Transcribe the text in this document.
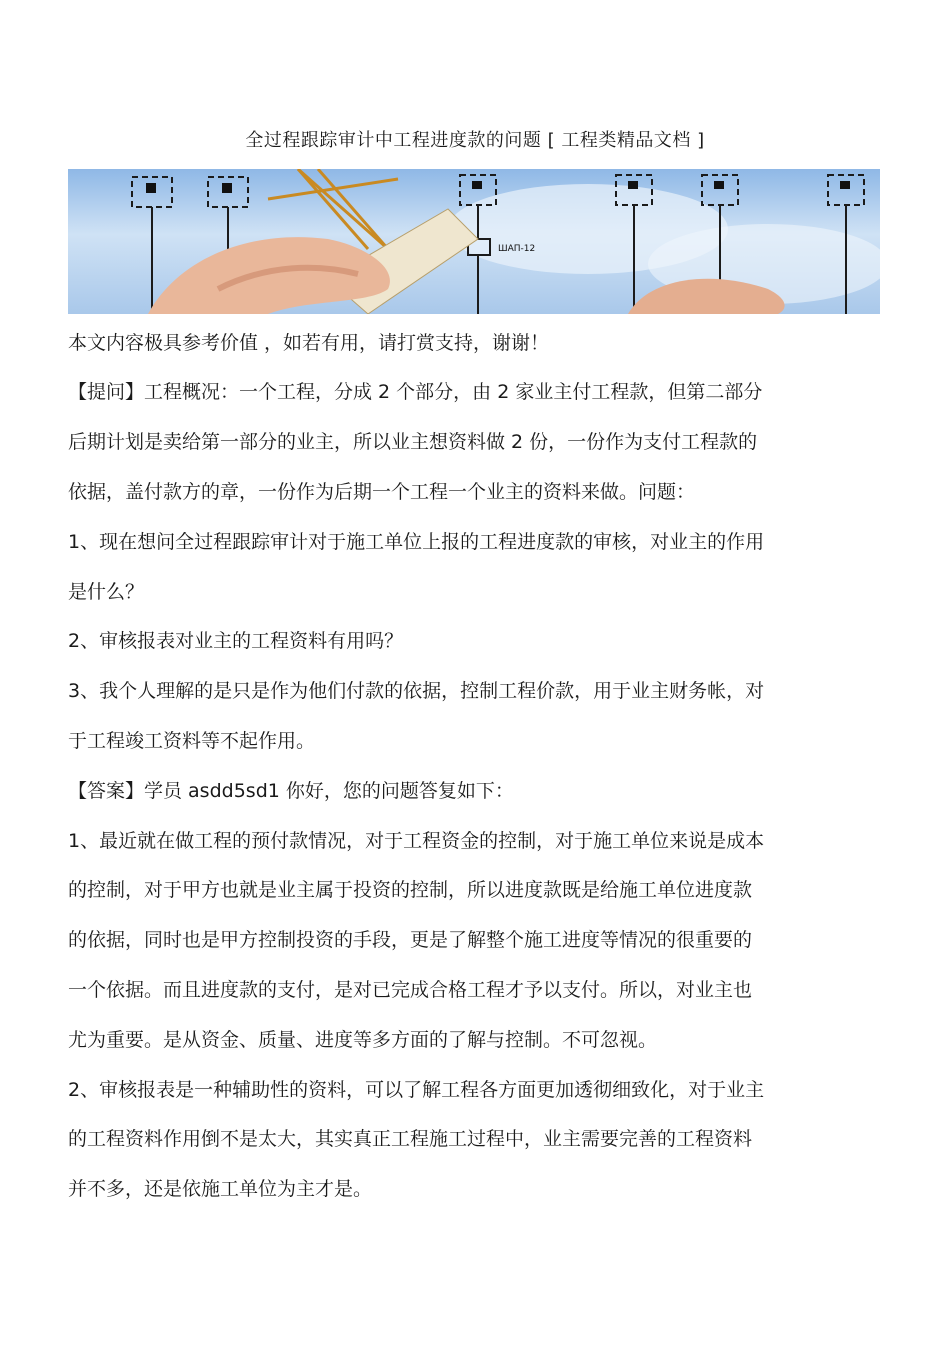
全过程跟踪审计中工程进度款的问题 [ 工程类精品文档 ]
ШАП-12
本文内容极具参考价值 ，如若有用，请打赏支持，谢谢！
【提问】工程概况：一个工程，分成 2 个部分，由 2 家业主付工程款，但第二部分
后期计划是卖给第一部分的业主，所以业主想资料做 2 份，一份作为支付工程款的
依据，盖付款方的章，一份作为后期一个工程一个业主的资料来做。问题：
1、现在想问全过程跟踪审计对于施工单位上报的工程进度款的审核，对业主的作用
是什么？
2、审核报表对业主的工程资料有用吗？
3、我个人理解的是只是作为他们付款的依据，控制工程价款，用于业主财务帐，对
于工程竣工资料等不起作用。
【答案】学员 asdd5sd1 你好，您的问题答复如下：
1、最近就在做工程的预付款情况，对于工程资金的控制，对于施工单位来说是成本
的控制，对于甲方也就是业主属于投资的控制，所以进度款既是给施工单位进度款
的依据，同时也是甲方控制投资的手段，更是了解整个施工进度等情况的很重要的
一个依据。而且进度款的支付，是对已完成合格工程才予以支付。所以，对业主也
尤为重要。是从资金、质量、进度等多方面的了解与控制。不可忽视。
2、审核报表是一种辅助性的资料，可以了解工程各方面更加透彻细致化，对于业主
的工程资料作用倒不是太大，其实真正工程施工过程中，业主需要完善的工程资料
并不多，还是依施工单位为主才是。
